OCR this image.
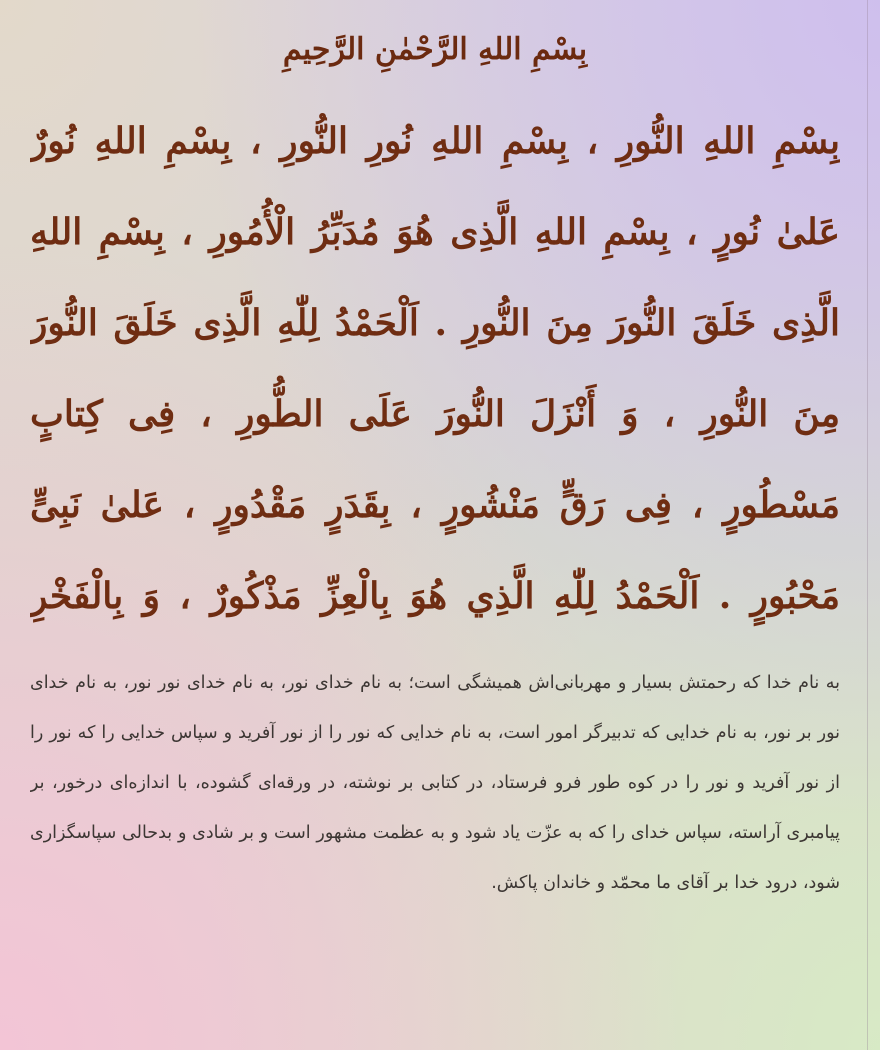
بِسْمِ اللهِ الرَّحْمٰنِ الرَّحِيمِ
بِسْمِ اللهِ النُّورِ ، بِسْمِ اللهِ نُورِ النُّورِ ، بِسْمِ اللهِ نُورٌ عَلیٰ نُورٍ ، بِسْمِ اللهِ الَّذِی هُوَ مُدَبِّرُ الْأُمُورِ ، بِسْمِ اللهِ الَّذِی خَلَقَ النُّورَ مِنَ النُّورِ . اَلْحَمْدُ لِلّٰهِ الَّذِی خَلَقَ النُّورَ مِنَ النُّورِ ، وَ أَنْزَلَ النُّورَ عَلَى الطُّورِ ، فِی کِتابٍ مَسْطُورٍ ، فِی رَقٍّ مَنْشُورٍ ، بِقَدَرٍ مَقْدُورٍ ، عَلیٰ نَبِیٍّ مَحْبُورٍ . اَلْحَمْدُ لِلّٰهِ الَّذِي هُوَ بِالْعِزِّ مَذْكُورٌ ، وَ بِالْفَخْرِ
به نام خدا که رحمتش بسیار و مهربانی‌اش همیشگی است؛ به نام خدای نور، به نام خدای نور نور، به نام خدای نور بر نور، به نام خدایی که تدبیرگر امور است، به نام خدایی که نور را از نور آفرید و سپاس خدایی را که نور را از نور آفرید و نور را در کوه طور فرو فرستاد، در کتابی بر نوشته، در ورقه‌ای گشوده، با اندازه‌ای درخور، بر پیامبری آراسته، سپاس خدای را که به عزّت یاد شود و به عظمت مشهور است و بر شادی و بدحالی سپاسگزاری شود، درود خدا بر آقای ما محمّد و خاندان پاکش.
